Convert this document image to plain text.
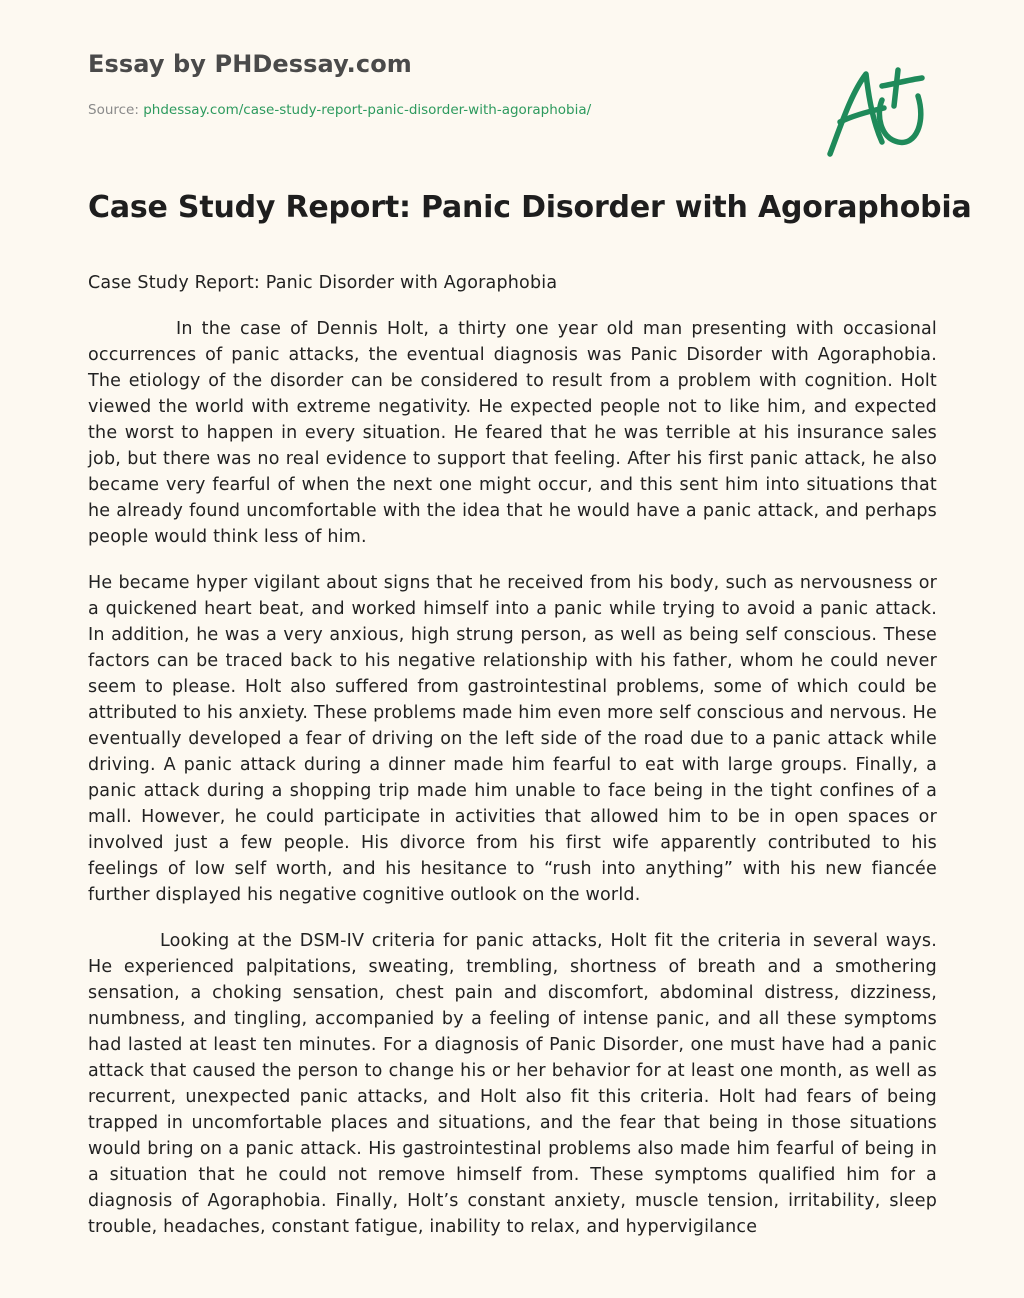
Essay by PHDessay.com
Source: phdessay.com/case-study-report-panic-disorder-with-agoraphobia/
Case Study Report: Panic Disorder with Agoraphobia

Case Study Report: Panic Disorder with Agoraphobia

In the case of Dennis Holt, a thirty one year old man presenting with occasional occurrences of panic attacks, the eventual diagnosis was Panic Disorder with Agoraphobia. The etiology of the disorder can be considered to result from a problem with cognition. Holt viewed the world with extreme negativity. He expected people not to like him, and expected the worst to happen in every situation. He feared that he was terrible at his insurance sales job, but there was no real evidence to support that feeling. After his first panic attack, he also became very fearful of when the next one might occur, and this sent him into situations that he already found uncomfortable with the idea that he would have a panic attack, and perhaps people would think less of him.

He became hyper vigilant about signs that he received from his body, such as nervousness or a quickened heart beat, and worked himself into a panic while trying to avoid a panic attack. In addition, he was a very anxious, high strung person, as well as being self conscious. These factors can be traced back to his negative relationship with his father, whom he could never seem to please. Holt also suffered from gastrointestinal problems, some of which could be attributed to his anxiety. These problems made him even more self conscious and nervous. He eventually developed a fear of driving on the left side of the road due to a panic attack while driving. A panic attack during a dinner made him fearful to eat with large groups. Finally, a panic attack during a shopping trip made him unable to face being in the tight confines of a mall. However, he could participate in activities that allowed him to be in open spaces or involved just a few people. His divorce from his first wife apparently contributed to his feelings of low self worth, and his hesitance to “rush into anything” with his new fiancée further displayed his negative cognitive outlook on the world.

Looking at the DSM-IV criteria for panic attacks, Holt fit the criteria in several ways. He experienced palpitations, sweating, trembling, shortness of breath and a smothering sensation, a choking sensation, chest pain and discomfort, abdominal distress, dizziness, numbness, and tingling, accompanied by a feeling of intense panic, and all these symptoms had lasted at least ten minutes. For a diagnosis of Panic Disorder, one must have had a panic attack that caused the person to change his or her behavior for at least one month, as well as recurrent, unexpected panic attacks, and Holt also fit this criteria. Holt had fears of being trapped in uncomfortable places and situations, and the fear that being in those situations would bring on a panic attack. His gastrointestinal problems also made him fearful of being in a situation that he could not remove himself from. These symptoms qualified him for a diagnosis of Agoraphobia. Finally, Holt’s constant anxiety, muscle tension, irritability, sleep trouble, headaches, constant fatigue, inability to relax, and hypervigilance
